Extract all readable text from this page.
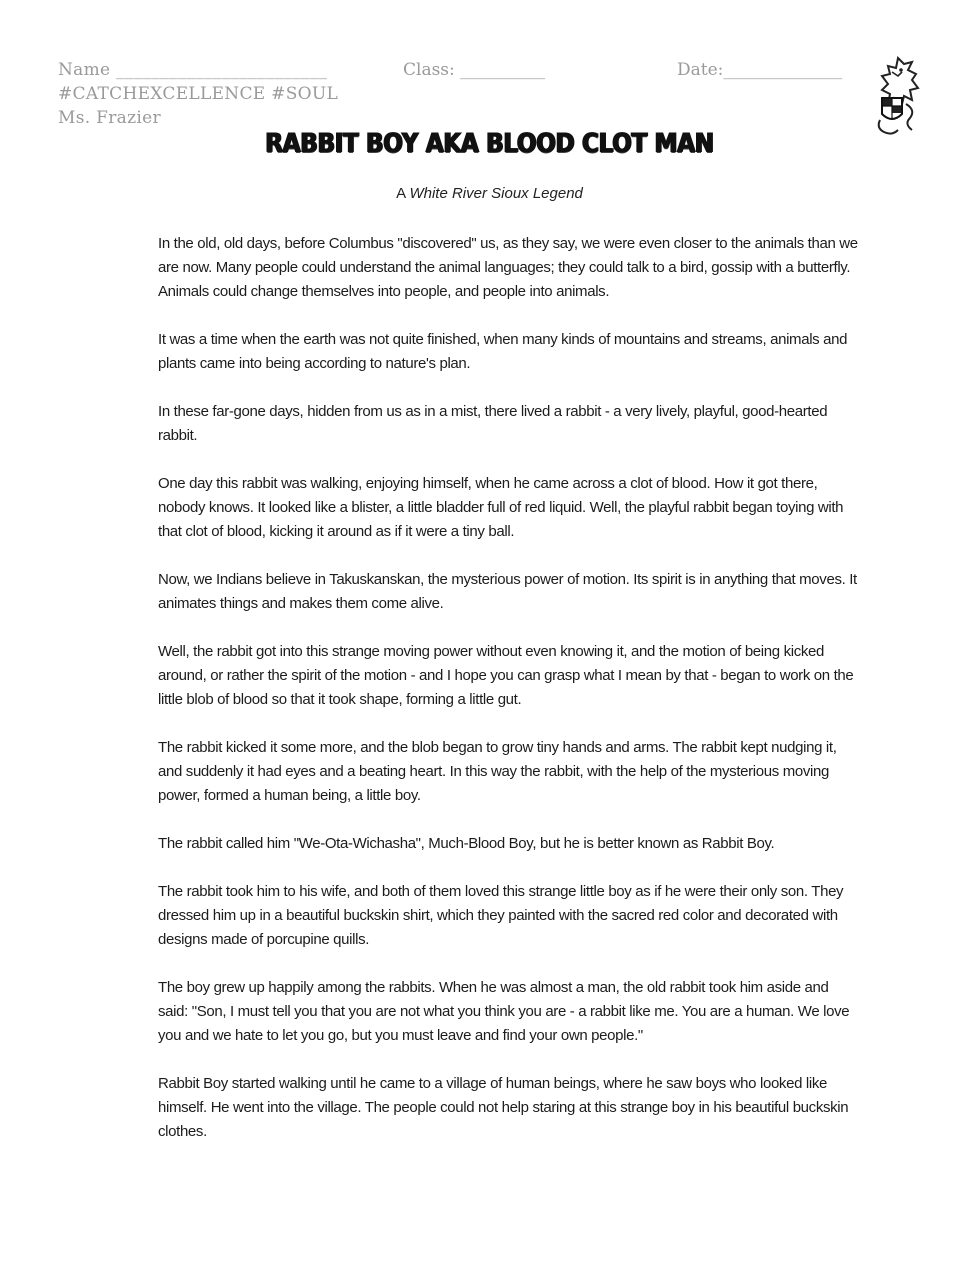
Name ________________________	Class: __________	Date:______________
#CATCHEXCELLENCE #SOUL
Ms. Frazier
RABBIT BOY AKA BLOOD CLOT MAN
A White River Sioux Legend

In the old, old days, before Columbus "discovered" us, as they say, we were even closer to the animals than we are now. Many people could understand the animal languages; they could talk to a bird, gossip with a butterfly. Animals could change themselves into people, and people into animals.

It was a time when the earth was not quite finished, when many kinds of mountains and streams, animals and plants came into being according to nature's plan.

In these far-gone days, hidden from us as in a mist, there lived a rabbit - a very lively, playful, good-hearted rabbit.

One day this rabbit was walking, enjoying himself, when he came across a clot of blood. How it got there, nobody knows. It looked like a blister, a little bladder full of red liquid. Well, the playful rabbit began toying with that clot of blood, kicking it around as if it were a tiny ball.

Now, we Indians believe in Takuskanskan, the mysterious power of motion. Its spirit is in anything that moves. It animates things and makes them come alive.

Well, the rabbit got into this strange moving power without even knowing it, and the motion of being kicked around, or rather the spirit of the motion - and I hope you can grasp what I mean by that - began to work on the little blob of blood so that it took shape, forming a little gut.

The rabbit kicked it some more, and the blob began to grow tiny hands and arms. The rabbit kept nudging it, and suddenly it had eyes and a beating heart. In this way the rabbit, with the help of the mysterious moving power, formed a human being, a little boy.

The rabbit called him "We-Ota-Wichasha", Much-Blood Boy, but he is better known as Rabbit Boy.

The rabbit took him to his wife, and both of them loved this strange little boy as if he were their only son. They dressed him up in a beautiful buckskin shirt, which they painted with the sacred red color and decorated with designs made of porcupine quills.

The boy grew up happily among the rabbits. When he was almost a man, the old rabbit took him aside and said: "Son, I must tell you that you are not what you think you are - a rabbit like me. You are a human. We love you and we hate to let you go, but you must leave and find your own people."

Rabbit Boy started walking until he came to a village of human beings, where he saw boys who looked like himself. He went into the village. The people could not help staring at this strange boy in his beautiful buckskin clothes.
